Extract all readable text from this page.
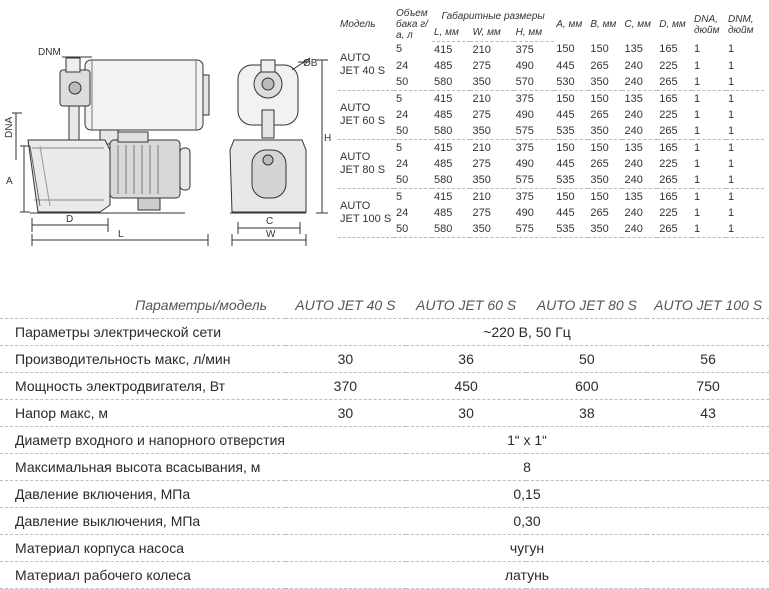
DNM
DNA
A
D
L
ØB
H
C
W
Модель	Объем бака г/а, л	Габаритные размеры			A, мм	B, мм	C, мм	D, мм	DNA, дюйм	DNM, дюйм
		L, мм	W, мм	H, мм						
AUTO JET 40 S	5	415	210	375	150	150	135	165	1	1
	24	485	275	490	445	265	240	225	1	1
	50	580	350	570	530	350	240	265	1	1
AUTO JET 60 S	5	415	210	375	150	150	135	165	1	1
	24	485	275	490	445	265	240	225	1	1
	50	580	350	575	535	350	240	265	1	1
AUTO JET 80 S	5	415	210	375	150	150	135	165	1	1
	24	485	275	490	445	265	240	225	1	1
	50	580	350	575	535	350	240	265	1	1
AUTO JET 100 S	5	415	210	375	150	150	135	165	1	1
	24	485	275	490	445	265	240	225	1	1
	50	580	350	575	535	350	240	265	1	1
Параметры/модель	AUTO JET 40 S	AUTO JET 60 S	AUTO JET 80 S	AUTO JET 100 S
Параметры электрической сети	~220 В, 50 Гц			
Производительность макс, л/мин	30	36	50	56
Мощность электродвигателя, Вт	370	450	600	750
Напор макс, м	30	30	38	43
Диаметр входного и напорного отверстия	1“ х 1“			
Максимальная высота всасывания, м	8			
Давление включения, МПа	0,15			
Давление выключения, МПа	0,30			
Материал корпуса насоса	чугун			
Материал рабочего колеса	латунь			
